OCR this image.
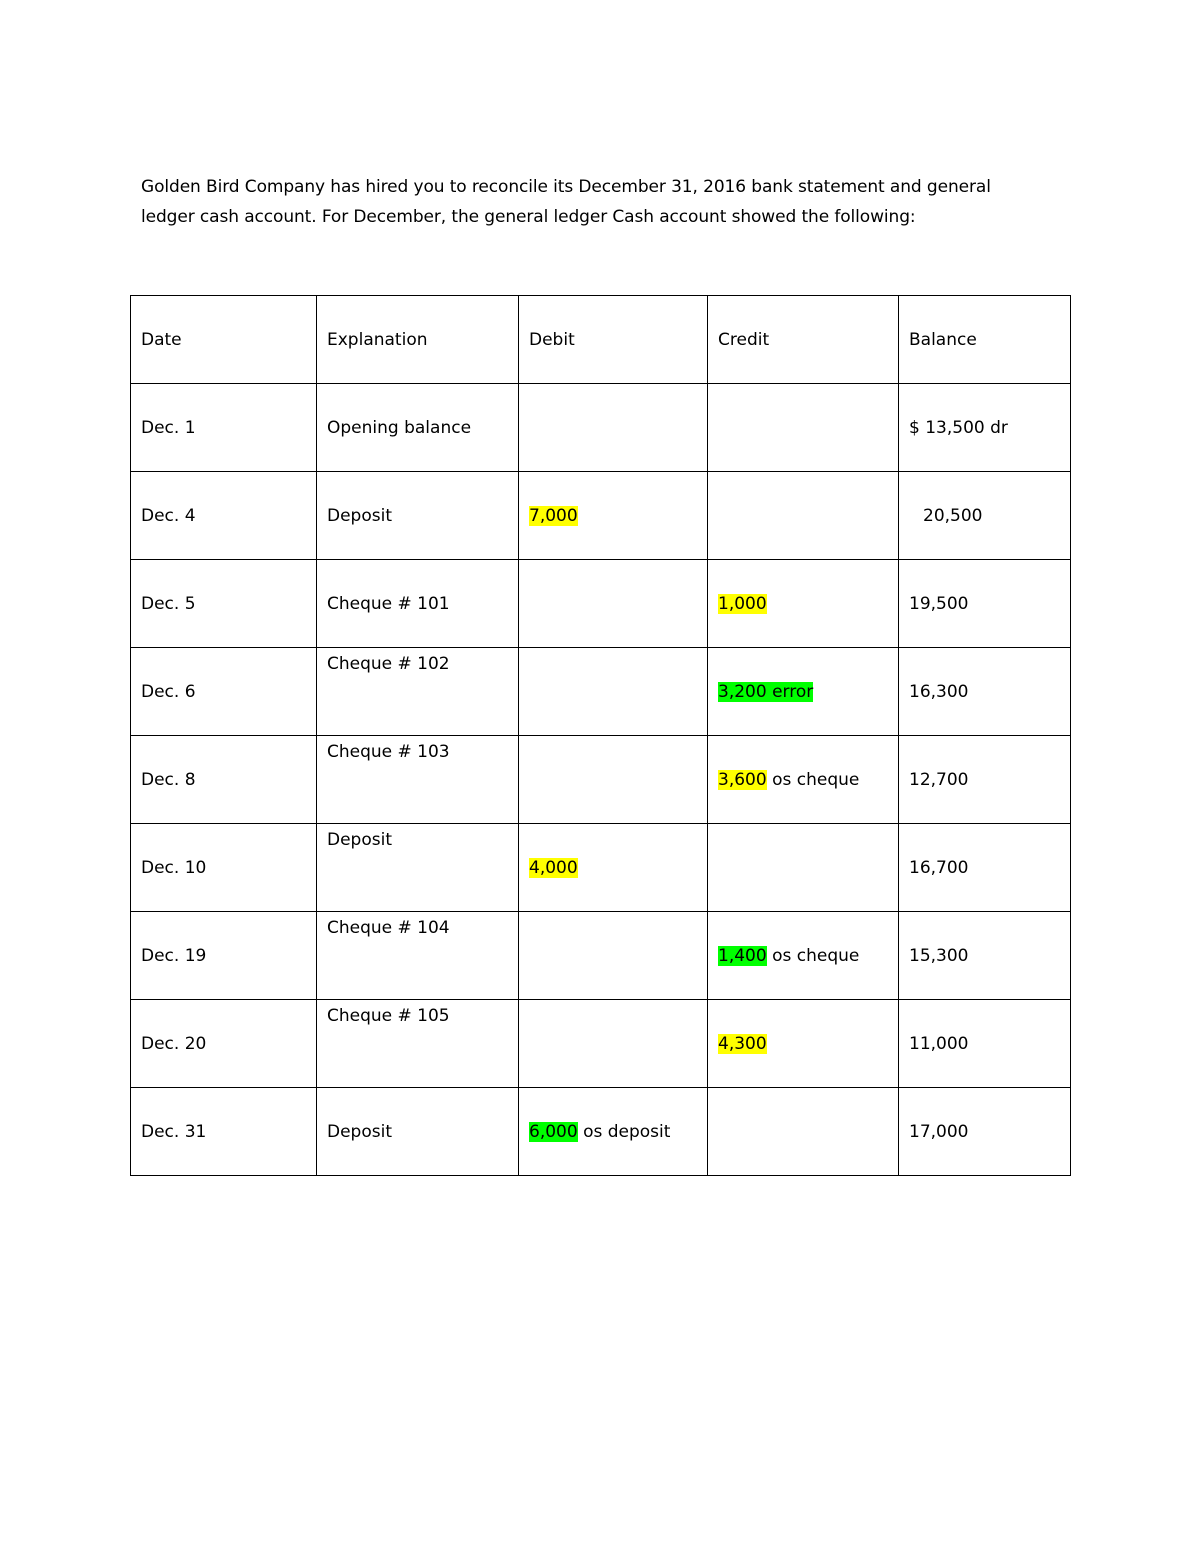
Golden Bird Company has hired you to reconcile its December 31, 2016 bank statement and general
ledger cash account. For December, the general ledger Cash account showed the following:

Date	Explanation	Debit	Credit	Balance
Dec. 1	Opening balance			$ 13,500 dr
Dec. 4	Deposit	7,000		20,500
Dec. 5	Cheque # 101		1,000	19,500
Dec. 6	Cheque # 102		3,200 error	16,300
Dec. 8	Cheque # 103		3,600 os cheque	12,700
Dec. 10	Deposit	4,000		16,700
Dec. 19	Cheque # 104		1,400 os cheque	15,300
Dec. 20	Cheque # 105		4,300	11,000
Dec. 31	Deposit	6,000 os deposit		17,000
